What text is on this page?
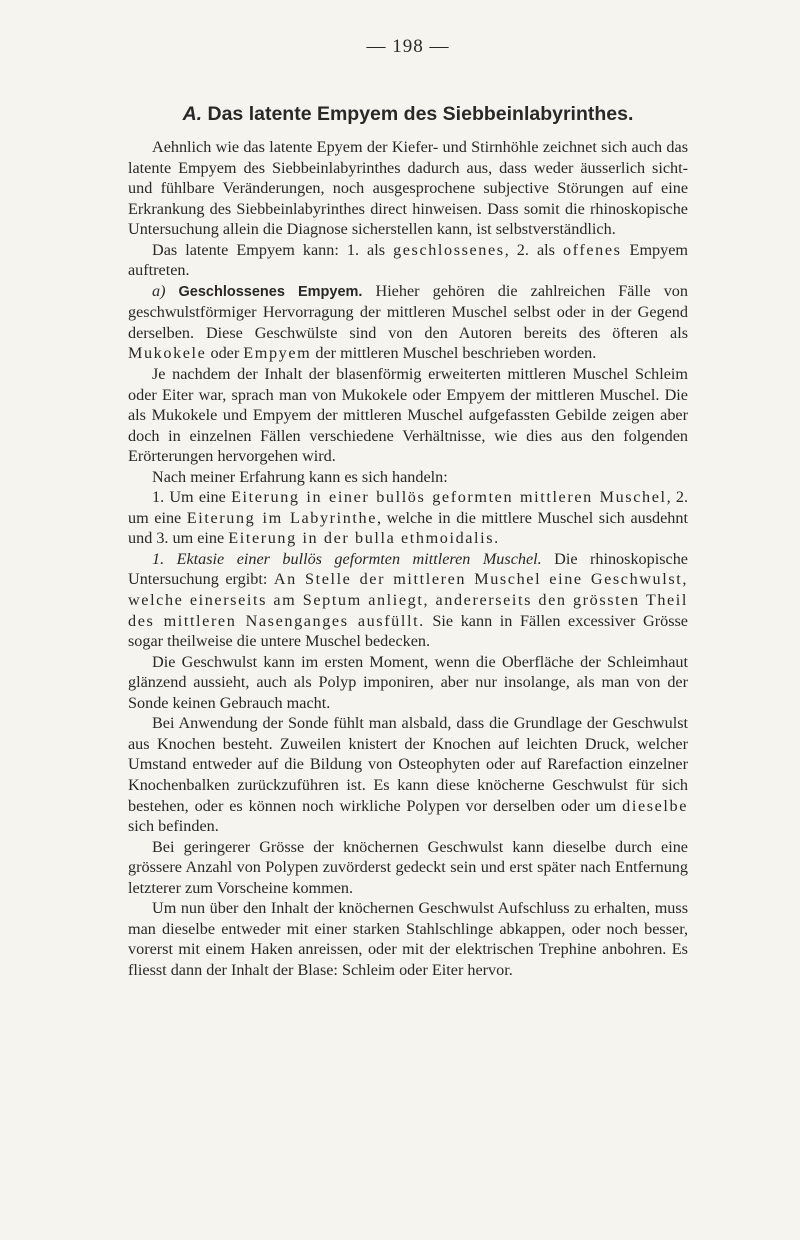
— 198 —
A. Das latente Empyem des Siebbeinlabyrinthes.

Aehnlich wie das latente Epyem der Kiefer- und Stirnhöhle zeichnet sich auch das latente Empyem des Siebbeinlabyrinthes dadurch aus, dass weder äusserlich sicht- und fühlbare Veränderungen, noch ausgesprochene subjective Störungen auf eine Erkrankung des Siebbeinlabyrinthes direct hinweisen. Dass somit die rhinoskopische Untersuchung allein die Diagnose sicherstellen kann, ist selbstverständlich.

Das latente Empyem kann: 1. als geschlossenes, 2. als offenes Empyem auftreten.

a) Geschlossenes Empyem. Hieher gehören die zahlreichen Fälle von geschwulstförmiger Hervorragung der mittleren Muschel selbst oder in der Gegend derselben. Diese Geschwülste sind von den Autoren bereits des öfteren als Mukokele oder Empyem der mittleren Muschel beschrieben worden.

Je nachdem der Inhalt der blasenförmig erweiterten mittleren Muschel Schleim oder Eiter war, sprach man von Mukokele oder Empyem der mittleren Muschel. Die als Mukokele und Empyem der mittleren Muschel aufgefassten Gebilde zeigen aber doch in einzelnen Fällen verschiedene Verhältnisse, wie dies aus den folgenden Erörterungen hervorgehen wird.

Nach meiner Erfahrung kann es sich handeln:

1. Um eine Eiterung in einer bullös geformten mittleren Muschel, 2. um eine Eiterung im Labyrinthe, welche in die mittlere Muschel sich ausdehnt und 3. um eine Eiterung in der bulla ethmoidalis.

1. Ektasie einer bullös geformten mittleren Muschel. Die rhinoskopische Untersuchung ergibt: An Stelle der mittleren Muschel eine Geschwulst, welche einerseits am Septum anliegt, andererseits den grössten Theil des mittleren Nasenganges ausfüllt. Sie kann in Fällen excessiver Grösse sogar theilweise die untere Muschel bedecken.

Die Geschwulst kann im ersten Moment, wenn die Oberfläche der Schleimhaut glänzend aussieht, auch als Polyp imponiren, aber nur insolange, als man von der Sonde keinen Gebrauch macht.

Bei Anwendung der Sonde fühlt man alsbald, dass die Grundlage der Geschwulst aus Knochen besteht. Zuweilen knistert der Knochen auf leichten Druck, welcher Umstand entweder auf die Bildung von Osteophyten oder auf Rarefaction einzelner Knochenbalken zurückzuführen ist. Es kann diese knöcherne Geschwulst für sich bestehen, oder es können noch wirkliche Polypen vor derselben oder um dieselbe sich befinden.

Bei geringerer Grösse der knöchernen Geschwulst kann dieselbe durch eine grössere Anzahl von Polypen zuvörderst gedeckt sein und erst später nach Entfernung letzterer zum Vorscheine kommen.

Um nun über den Inhalt der knöchernen Geschwulst Aufschluss zu erhalten, muss man dieselbe entweder mit einer starken Stahlschlinge abkappen, oder noch besser, vorerst mit einem Haken anreissen, oder mit der elektrischen Trephine anbohren. Es fliesst dann der Inhalt der Blase: Schleim oder Eiter hervor.
